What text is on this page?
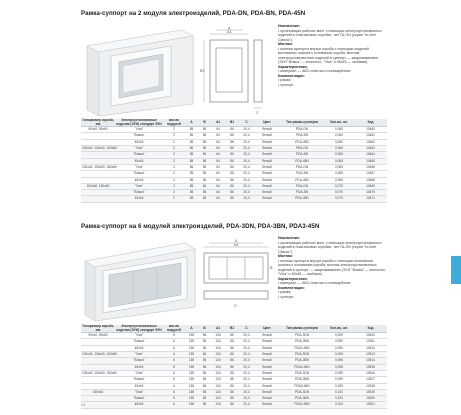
Рамка-суппорт на 2 модуля электроизделий, PDA-DN, PDA-BN, PDA-45N
A1
A
B1
C
Назначение:
• организация рабочих мест с помощью электроустановочных изделий в пластиковых коробах, тип TA-GN (серия "In-liner Classic").
Монтаж:
• монтаж суппорта внутри короба с помощью моделей монтажных шпилек к основанию короба, монтаж электроустановочных изделий в суппорт — защелкиванием (ЭУИ "Влака" — кнопочно, "Viva" и 45х45 — скобами).
Характеристики:
• материал — АБС-пластик и поликарбонат.
Комплектация:
• рамка;
• суппорт.
Типоразмер короба, мм	Электроустановочные изделия (ЭУИ) стандарт ЭУИ	кол-во модулей	A	B	A1	B1	C	Цвет	Тип рамки-суппорта	Кол-во, шт.	Код
90х40, 90х60	"Viva"	2	85	56	64	86	20,4	белый	PDA-DN	0,060	10460
	"Влака"	2	85	56	64	86	20,4	белый	PDA-BN	0,060	10461
	45х45	2	85	56	64	86	20,4	белый	PDA-45N	0,060	10462
100х40, 130х40, 100х60	"Viva"	2	85	56	64	86	20,4	белый	PDA-DN	0,065	10463
	"Влака"	2	85	56	64	86	20,4	белый	PDA-BN	0,065	10464
	45х45	2	85	56	64	86	20,4	белый	PDA-45N	0,065	10465
130х40, 130х60, 160х60	"Viva"	2	85	56	64	86	20,4	белый	PDA-DN	0,065	10466
	"Влака"	2	85	56	64	86	20,4	белый	PDA-BN	0,065	10467
	45х45	2	85	56	64	86	20,4	белый	PDA-45N	0,065	10468
150х60, 150х80	"Viva"	2	85	56	64	86	20,4	белый	PDA-DN	0,070	10469
	"Влака"	2	85	56	64	86	20,4	белый	PDA-BN	0,070	10470
	45х45	2	85	56	64	86	20,4	белый	PDA-45N	0,070	10471
Рамка-суппорт на 6 модулей электроизделий, PDA-3DN, PDA-3BN, PDA3-45N
A1
A
B
C
Назначение:
• организация рабочих мест с помощью электроустановочных изделий в пластиковых коробах, тип TA-GN (серия "In-liner Classic").
Монтаж:
• монтаж суппорта внутри короба с помощью монтажных шпилек к основанию короба, монтаж электроустановочных изделий в суппорт — защелкиванием (ЭУИ "Влака" — кнопочно, "Viva" и 45х45 — скобами).
Характеристики:
• материал — АБС-пластик и поликарбонат.
Комплектация:
• рамка;
• суппорт.
Типоразмер короба, мм	Электроустановочные изделия (ЭУИ) стандарт ЭУИ	кол-во модулей	A	B	A1	B1	C	Цвет	Тип рамки-суппорта	Кол-во, шт.	Код
90х40, 90х60	"Viva"	6	155	56	134	86	20,4	белый	PDA-3DN	0,090	10510
	"Влака"	6	155	56	134	86	20,4	белый	PDA-3BN	0,090	10511
	45х45	6	155	56	134	86	20,4	белый	PDA3-45N	0,090	10512
100х40, 130х40, 100х60	"Viva"	6	155	56	134	86	20,4	белый	PDA-3DN	0,095	10513
	"Влака"	6	155	56	134	86	20,4	белый	PDA-3BN	0,095	10514
	45х45	6	155	56	134	86	20,4	белый	PDA3-45N	0,095	10515
130х40, 130х60, 160х60	"Viva"	6	155	56	134	86	20,4	белый	PDA-3DN	0,095	10516
	"Влака"	6	155	56	134	86	20,4	белый	PDA-3BN	0,095	10517
	45х45	6	155	56	134	86	20,4	белый	PDA3-45N	0,095	10518
150х60	"Viva"	6	155	56	134	86	20,4	белый	PDA-3DN	0,100	10519
	"Влака"	6	155	56	134	86	20,4	белый	PDA-3BN	0,100	10520
	45х45	6	155	56	134	86	20,4	белый	PDA3-45N	0,100	10521
14
